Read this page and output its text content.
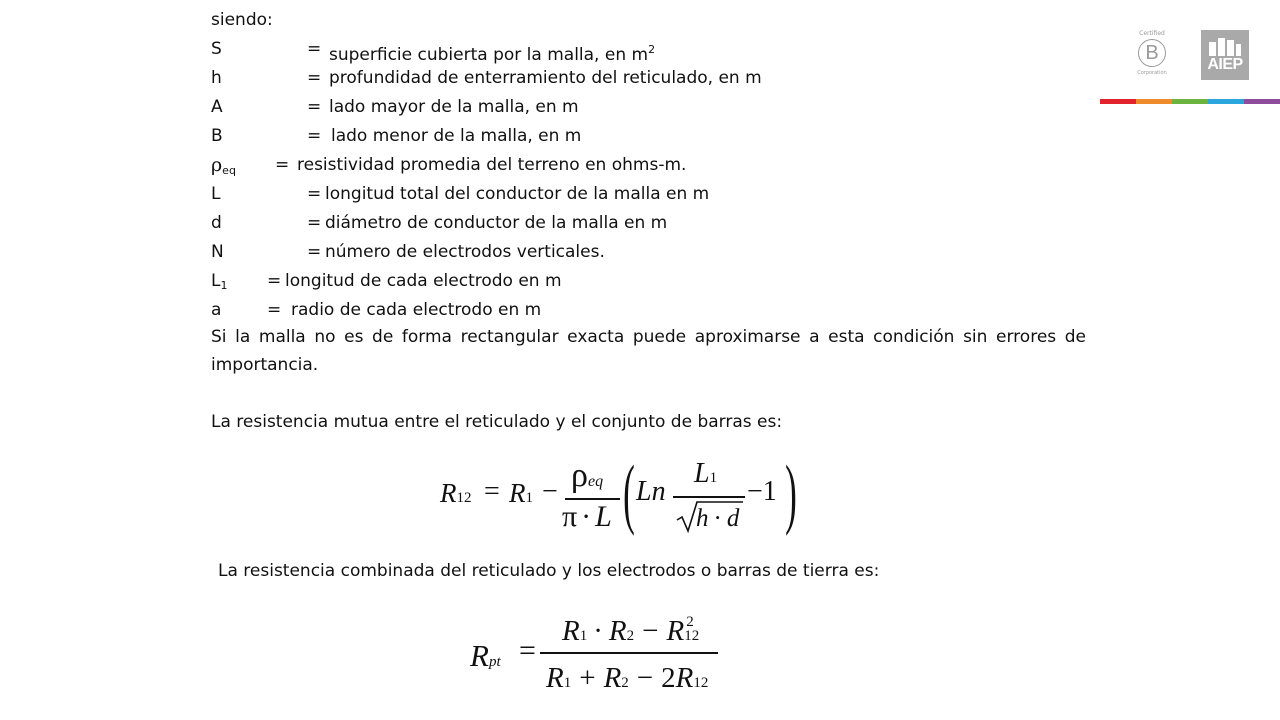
siendo:
S	= superficie cubierta por la malla, en $m^2$
h	= profundidad de enterramiento del reticulado, en m
A	= lado mayor de la malla, en m
B	= lado menor de la malla, en m
$\rho_{eq}$ = resistividad promedia del terreno en ohms-m.
L	= longitud total del conductor de la malla en m
d	= diámetro de conductor de la malla en m
N	= número de electrodos verticales.
$L_1$ = longitud de cada electrodo en m
a	= radio de cada electrodo en m
Si la malla no es de forma rectangular exacta puede aproximarse a esta condición sin errores de importancia.
La resistencia mutua entre el reticulado y el conjunto de barras es:
La resistencia combinada del reticulado y los electrodos o barras de tierra es:
R12 = R1 − ρeq
π · L ( Ln
L1
h · d
−1 )
Rpt =
R1 · R2 − R 2
12
R1 + R2 − 2R12
Certified
B
Corporation	AIEP
